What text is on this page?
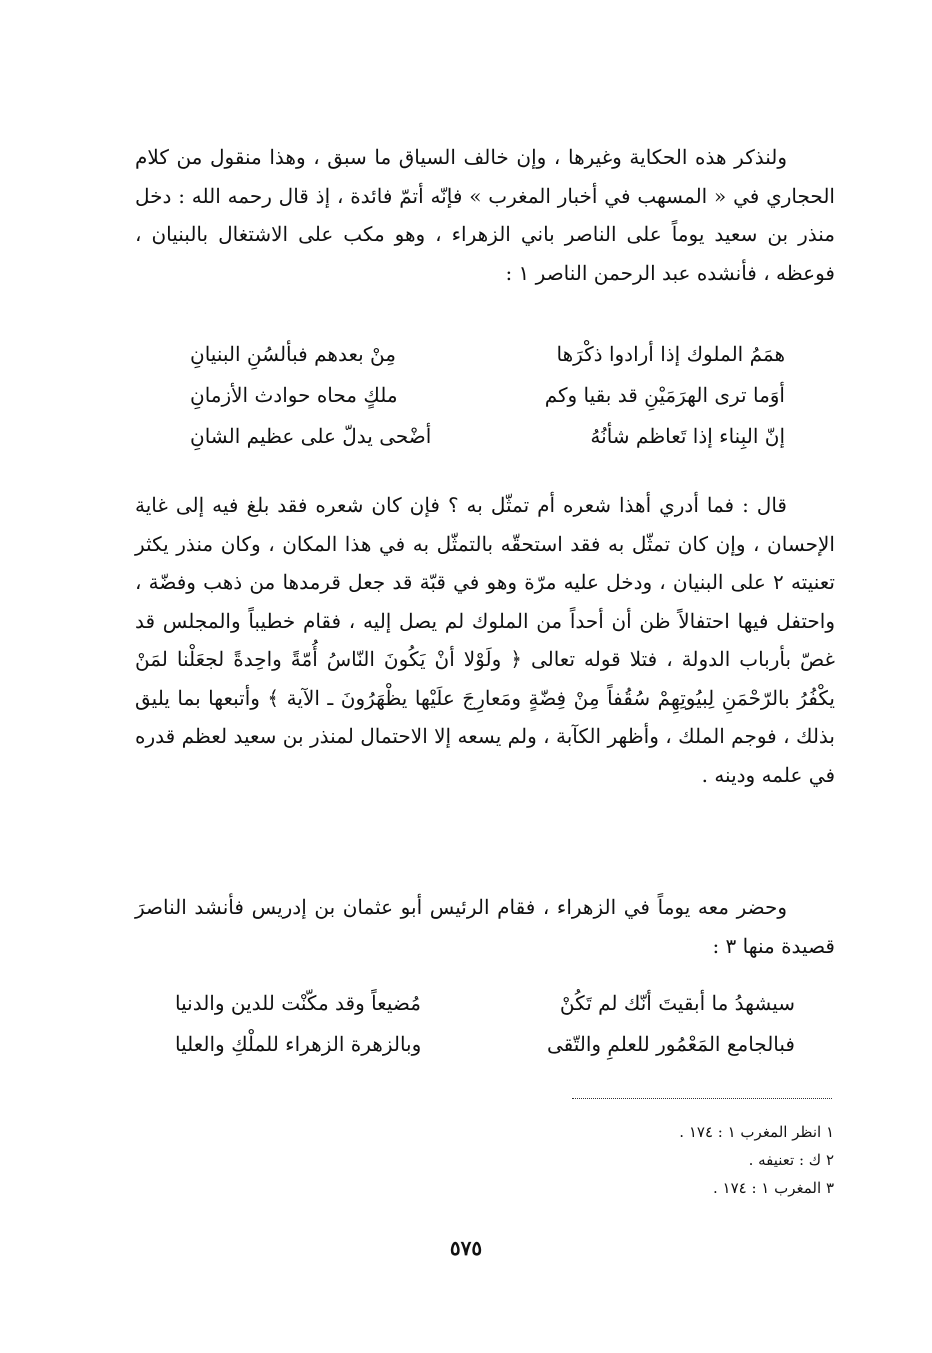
ولنذكر هذه الحكاية وغيرها ، وإن خالف السياق ما سبق ، وهذا منقول من كلام الحجاري في « المسهب في أخبار المغرب » فإنّه أتمّ فائدة ، إذ قال رحمه الله : دخل منذر بن سعيد يوماً على الناصر باني الزهراء ، وهو مكب على الاشتغال بالبنيان ، فوعظه ، فأنشده عبد الرحمن الناصر ١ :

همَمُ الملوك إذا أرادوا ذكْرَها
مِنْ بعدهم فبألسُنِ البنيانِ
أوَما ترى الهرَمَيْنِ قد بقيا وكم
ملكٍ محاه حوادث الأزمانِ
إنّ البِناء إذا تَعاظم شأنُهُ
أضْحى يدلّ على عظيم الشانِ

قال : فما أدري أهذا شعره أم تمثّل به ؟ فإن كان شعره فقد بلغ فيه إلى غاية الإحسان ، وإن كان تمثّل به فقد استحقّه بالتمثّل به في هذا المكان ، وكان منذر يكثر تعنيته ٢ على البنيان ، ودخل عليه مرّة وهو في قبّة قد جعل قرمدها من ذهب وفضّة ، واحتفل فيها احتفالاً ظن أن أحداً من الملوك لم يصل إليه ، فقام خطيباً والمجلس قد غصّ بأرباب الدولة ، فتلا قوله تعالى ﴿ ولَوْلا أنْ يَكُونَ النّاسُ أُمّةً واحِدةً لجعَلْنا لمَنْ يكْفُرُ بالرّحْمَنِ لِبيُوتِهِمْ سُقُفاً مِنْ فِضّةٍ ومَعارِجَ علَيْها يظْهَرُونَ ـ الآية ﴾ وأتبعها بما يليق بذلك ، فوجم الملك ، وأظهر الكآبة ، ولم يسعه إلا الاحتمال لمنذر بن سعيد لعظم قدره في علمه ودينه .

وحضر معه يوماً في الزهراء ، فقام الرئيس أبو عثمان بن إدريس فأنشد الناصرَ قصيدة منها ٣ :

سيشهدُ ما أبقيتَ أنّك لم تَكُنْ
مُضيعاً وقد مكّنْت للدين والدنيا
فبالجامع المَعْمُور للعلمِ والتّقى
وبالزهرة الزهراء للملْكِ والعليا
١ انظر المغرب ١ : ١٧٤ .
٢ ك : تعنيفه .
٣ المغرب ١ : ١٧٤ .
٥٧٥
